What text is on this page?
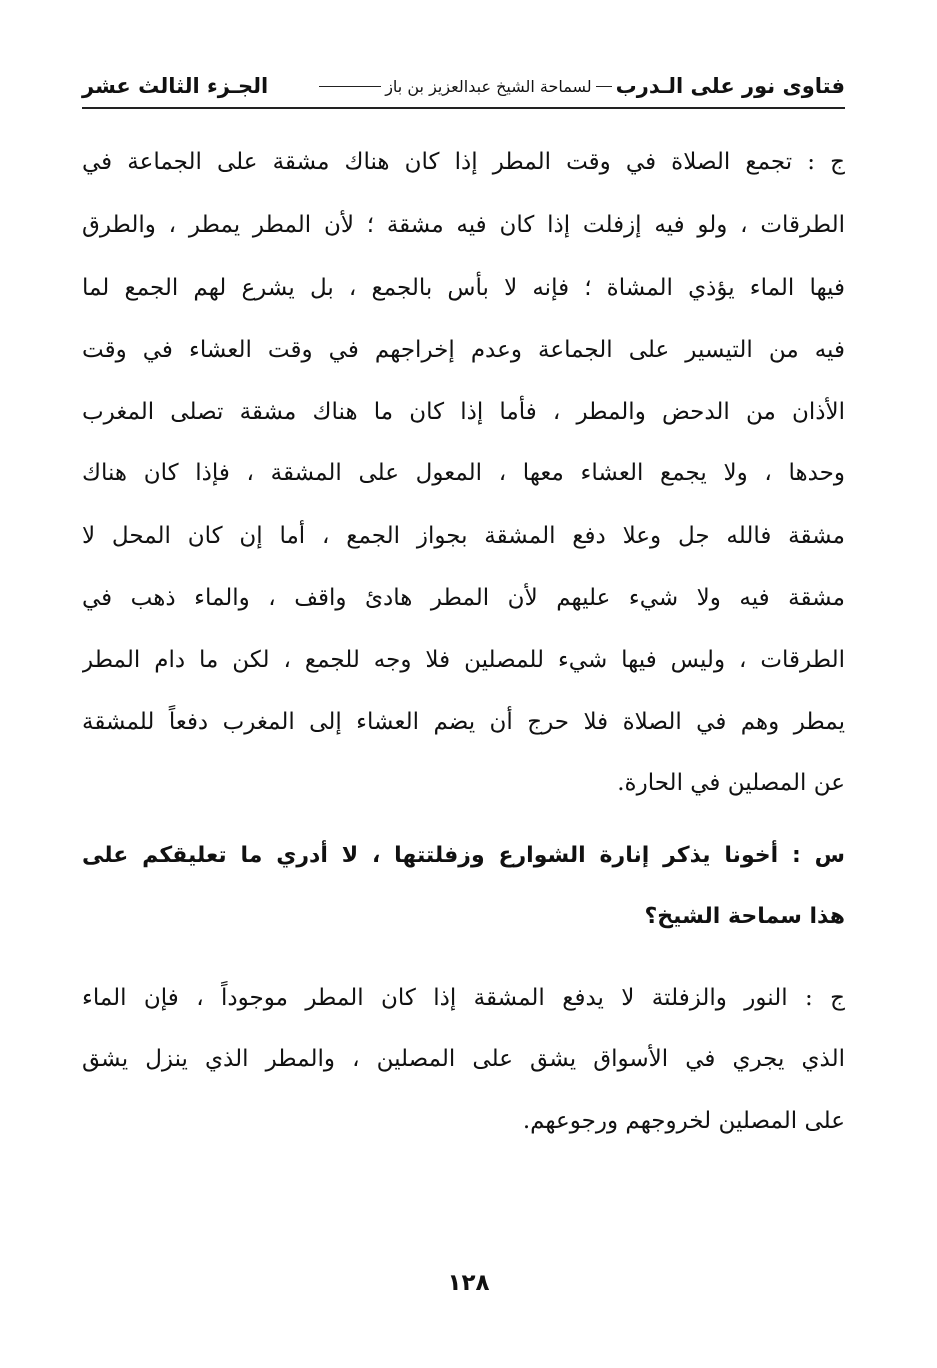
فتاوى نور على الـدرب
لسماحة الشيخ عبدالعزيز بن باز
الجـزء الثالث عشر
ج : تجمع الصلاة في وقت المطر إذا كان هناك مشقة على الجماعة في
الطرقات ، ولو فيه إزفلت إذا كان فيه مشقة ؛ لأن المطر يمطر ، والطرق
فيها الماء يؤذي المشاة ؛ فإنه لا بأس بالجمع ، بل يشرع لهم الجمع لما
فيه من التيسير على الجماعة وعدم إخراجهم في وقت العشاء في وقت
الأذان من الدحض والمطر ، فأما إذا كان ما هناك مشقة تصلى المغرب
وحدها ، ولا يجمع العشاء معها ، المعول على المشقة ، فإذا كان هناك
مشقة فالله جل وعلا دفع المشقة بجواز الجمع ، أما إن كان المحل لا
مشقة فيه ولا شيء عليهم لأن المطر هادئ واقف ، والماء ذهب في
الطرقات ، وليس فيها شيء للمصلين فلا وجه للجمع ، لكن ما دام المطر
يمطر وهم في الصلاة فلا حرج أن يضم العشاء إلى المغرب دفعاً للمشقة
عن المصلين في الحارة.
س : أخونا يذكر إنارة الشوارع وزفلتتها ، لا أدري ما تعليقكم على
هذا سماحة الشيخ؟
ج : النور والزفلتة لا يدفع المشقة إذا كان المطر موجوداً ، فإن الماء
الذي يجري في الأسواق يشق على المصلين ، والمطر الذي ينزل يشق
على المصلين لخروجهم ورجوعهم.
١٢٨
